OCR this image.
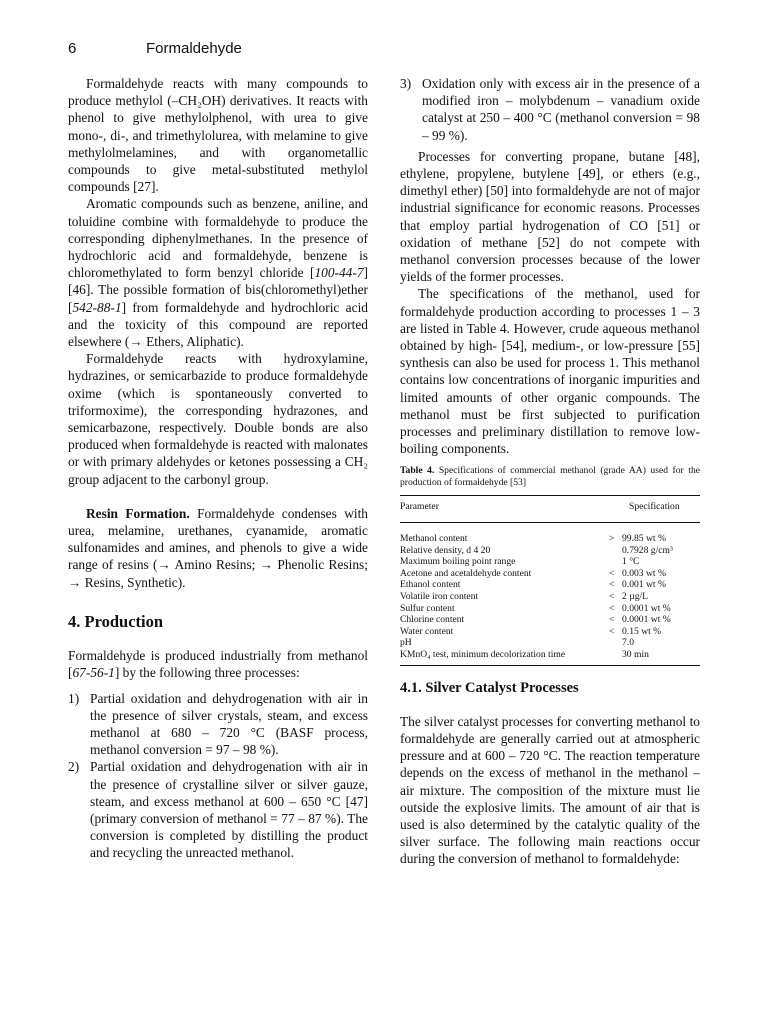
6	Formaldehyde

Formaldehyde reacts with many compounds to produce methylol (–CH₂OH) derivatives. It reacts with phenol to give methylolphenol, with urea to give mono-, di-, and trimethylolurea, with melamine to give methylolmelamines, and with organometallic compounds to give metal-substituted methylol compounds [27].

Aromatic compounds such as benzene, aniline, and toluidine combine with formaldehyde to produce the corresponding diphenylmethanes. In the presence of hydrochloric acid and formaldehyde, benzene is chloromethylated to form benzyl chloride [100-44-7] [46]. The possible formation of bis(chloromethyl)ether [542-88-1] from formaldehyde and hydrochloric acid and the toxicity of this compound are reported elsewhere (→ Ethers, Aliphatic).

Formaldehyde reacts with hydroxylamine, hydrazines, or semicarbazide to produce formaldehyde oxime (which is spontaneously converted to triformoxime), the corresponding hydrazones, and semicarbazone, respectively. Double bonds are also produced when formaldehyde is reacted with malonates or with primary aldehydes or ketones possessing a CH₂ group adjacent to the carbonyl group.

Resin Formation. Formaldehyde condenses with urea, melamine, urethanes, cyanamide, aromatic sulfonamides and amines, and phenols to give a wide range of resins (→ Amino Resins; → Phenolic Resins; → Resins, Synthetic).

4. Production

Formaldehyde is produced industrially from methanol [67-56-1] by the following three processes:

1) Partial oxidation and dehydrogenation with air in the presence of silver crystals, steam, and excess methanol at 680 – 720 °C (BASF process, methanol conversion = 97 – 98 %).
2) Partial oxidation and dehydrogenation with air in the presence of crystalline silver or silver gauze, steam, and excess methanol at 600 – 650 °C [47] (primary conversion of methanol = 77 – 87 %). The conversion is completed by distilling the product and recycling the unreacted methanol.
3) Oxidation only with excess air in the presence of a modified iron – molybdenum – vanadium oxide catalyst at 250 – 400 °C (methanol conversion = 98 – 99 %).

Processes for converting propane, butane [48], ethylene, propylene, butylene [49], or ethers (e.g., dimethyl ether) [50] into formaldehyde are not of major industrial significance for economic reasons. Processes that employ partial hydrogenation of CO [51] or oxidation of methane [52] do not compete with methanol conversion processes because of the lower yields of the former processes.

The specifications of the methanol, used for formaldehyde production according to processes 1 – 3 are listed in Table 4. However, crude aqueous methanol obtained by high- [54], medium-, or low-pressure [55] synthesis can also be used for process 1. This methanol contains low concentrations of inorganic impurities and limited amounts of other organic compounds. The methanol must be first subjected to purification processes and preliminary distillation to remove low-boiling components.

Table 4. Specifications of commercial methanol (grade AA) used for the production of formaldehyde [53]
Parameter	Specification
Methanol content	> 99.85 wt %
Relative density, d 4 20	0.7928 g/cm³
Maximum boiling point range	1 °C
Acetone and acetaldehyde content	< 0.003 wt %
Ethanol content	< 0.001 wt %
Volatile iron content	< 2 µg/L
Sulfur content	< 0.0001 wt %
Chlorine content	< 0.0001 wt %
Water content	< 0.15 wt %
pH	7.0
KMnO₄ test, minimum decolorization time	30 min
4.1. Silver Catalyst Processes

The silver catalyst processes for converting methanol to formaldehyde are generally carried out at atmospheric pressure and at 600 – 720 °C. The reaction temperature depends on the excess of methanol in the methanol – air mixture. The composition of the mixture must lie outside the explosive limits. The amount of air that is used is also determined by the catalytic quality of the silver surface. The following main reactions occur during the conversion of methanol to formaldehyde:
